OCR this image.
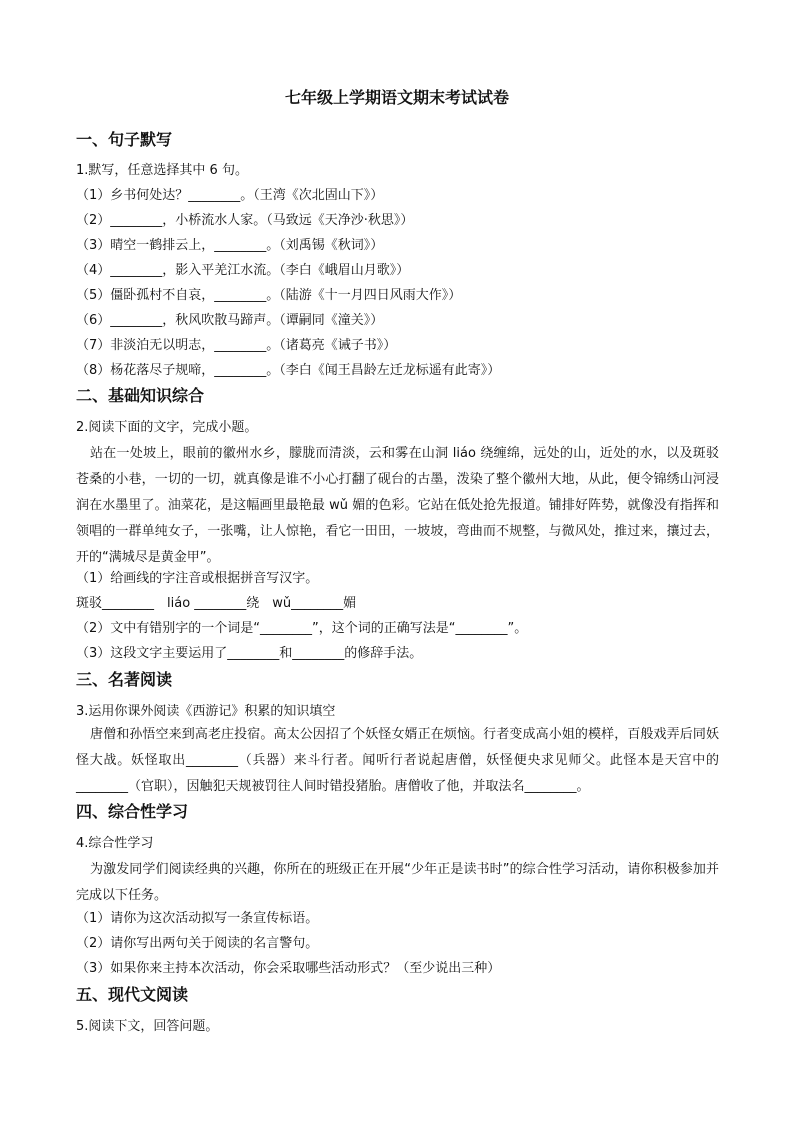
七年级上学期语文期末考试试卷
一、句子默写
1.默写，任意选择其中 6 句。
（1）乡书何处达？________。（王湾《次北固山下》）
（2）________，小桥流水人家。（马致远《天净沙·秋思》）
（3）晴空一鹤排云上，________。（刘禹锡《秋词》）
（4）________，影入平羌江水流。（李白《峨眉山月歌》）
（5）僵卧孤村不自哀，________。（陆游《十一月四日风雨大作》）
（6）________，秋风吹散马蹄声。（谭嗣同《潼关》）
（7）非淡泊无以明志，________。（诸葛亮《诫子书》）
（8）杨花落尽子规啼，________。（李白《闻王昌龄左迁龙标遥有此寄》）
二、基础知识综合
2.阅读下面的文字，完成小题。

站在一处坡上，眼前的徽州水乡，朦胧而清淡，云和雾在山洞 liáo 绕缠绵，远处的山，近处的水，以及斑驳苍桑的小巷，一切的一切，就真像是谁不小心打翻了砚台的古墨，泼染了整个徽州大地，从此，便令锦绣山河浸润在水墨里了。油菜花，是这幅画里最艳最 wǔ 媚的色彩。它站在低处抢先报道。铺排好阵势，就像没有指挥和领唱的一群单纯女子，一张嘴，让人惊艳，看它一田田，一坡坡，弯曲而不规整，与微风处，推过来，攘过去，开的“满城尽是黄金甲”。

（1）给画线的字注音或根据拼音写汉字。
斑驳________　liáo ________绕　wǔ________媚
（2）文中有错别字的一个词是“________”，这个词的正确写法是“________”。
（3）这段文字主要运用了________和________的修辞手法。
三、名著阅读
3.运用你课外阅读《西游记》积累的知识填空

唐僧和孙悟空来到高老庄投宿。高太公因招了个妖怪女婿正在烦恼。行者变成高小姐的模样，百般戏弄后同妖怪大战。妖怪取出________（兵器）来斗行者。闻听行者说起唐僧，妖怪便央求见师父。此怪本是天宫中的________（官职），因触犯天规被罚往人间时错投猪胎。唐僧收了他，并取法名________。

四、综合性学习
4.综合性学习

为激发同学们阅读经典的兴趣，你所在的班级正在开展“少年正是读书时”的综合性学习活动，请你积极参加并完成以下任务。

（1）请你为这次活动拟写一条宣传标语。
（2）请你写出两句关于阅读的名言警句。
（3）如果你来主持本次活动，你会采取哪些活动形式？（至少说出三种）
五、现代文阅读
5.阅读下文，回答问题。
